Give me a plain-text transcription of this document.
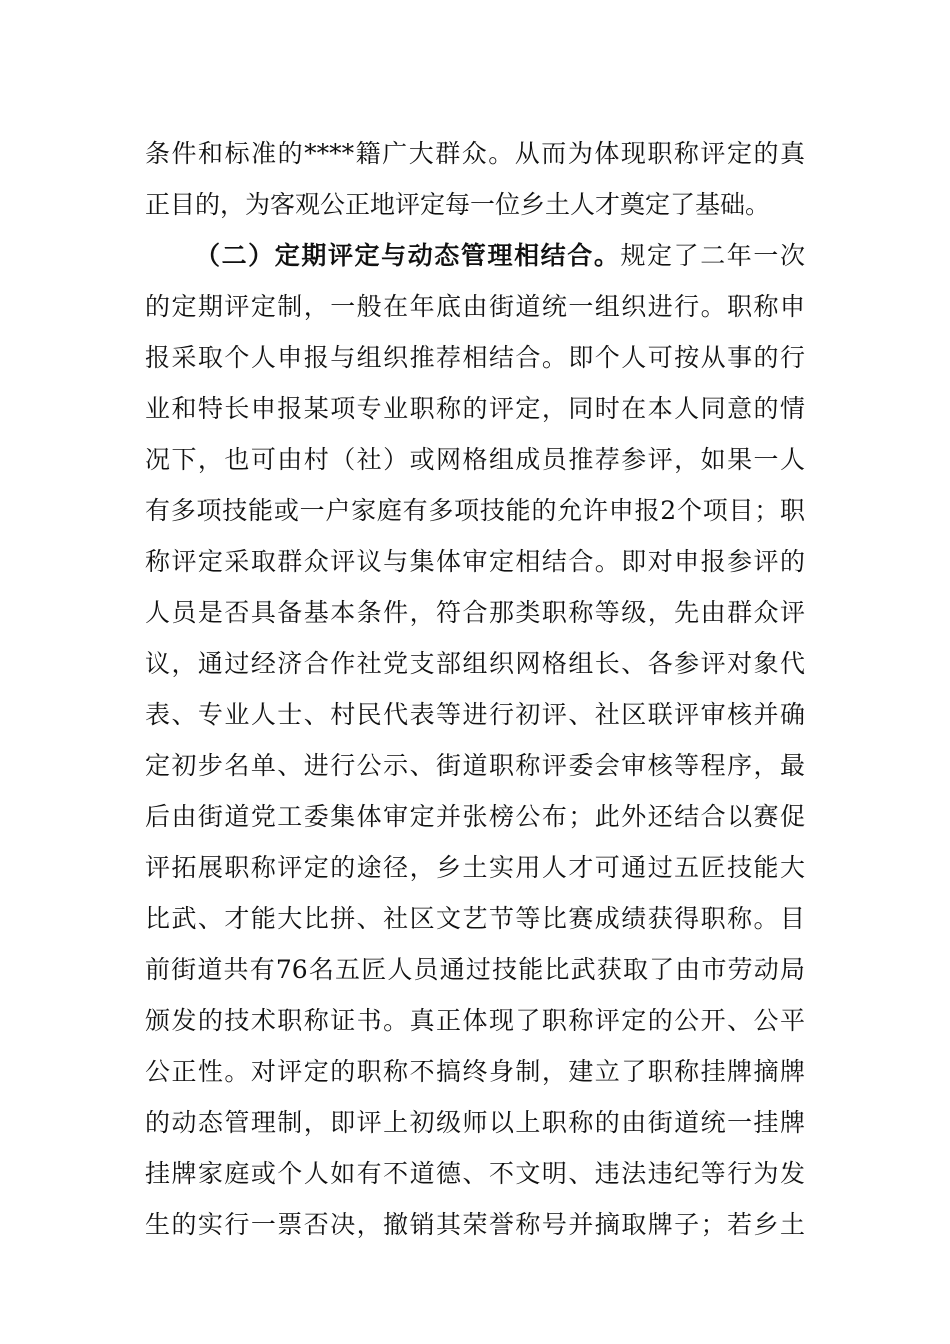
条件和标准的****籍广大群众。从而为体现职称评定的真
正目的，为客观公正地评定每一位乡土人才奠定了基础。
（二）定期评定与动态管理相结合。规定了二年一次
的定期评定制，一般在年底由街道统一组织进行。职称申
报采取个人申报与组织推荐相结合。即个人可按从事的行
业和特长申报某项专业职称的评定，同时在本人同意的情
况下，也可由村（社）或网格组成员推荐参评，如果一人
有多项技能或一户家庭有多项技能的允许申报2个项目；职
称评定采取群众评议与集体审定相结合。即对申报参评的
人员是否具备基本条件，符合那类职称等级，先由群众评
议，通过经济合作社党支部组织网格组长、各参评对象代
表、专业人士、村民代表等进行初评、社区联评审核并确
定初步名单、进行公示、街道职称评委会审核等程序，最
后由街道党工委集体审定并张榜公布；此外还结合以赛促
评拓展职称评定的途径，乡土实用人才可通过五匠技能大
比武、才能大比拼、社区文艺节等比赛成绩获得职称。目
前街道共有76名五匠人员通过技能比武获取了由市劳动局
颁发的技术职称证书。真正体现了职称评定的公开、公平
公正性。对评定的职称不搞终身制，建立了职称挂牌摘牌
的动态管理制，即评上初级师以上职称的由街道统一挂牌
挂牌家庭或个人如有不道德、不文明、违法违纪等行为发
生的实行一票否决，撤销其荣誉称号并摘取牌子；若乡土
